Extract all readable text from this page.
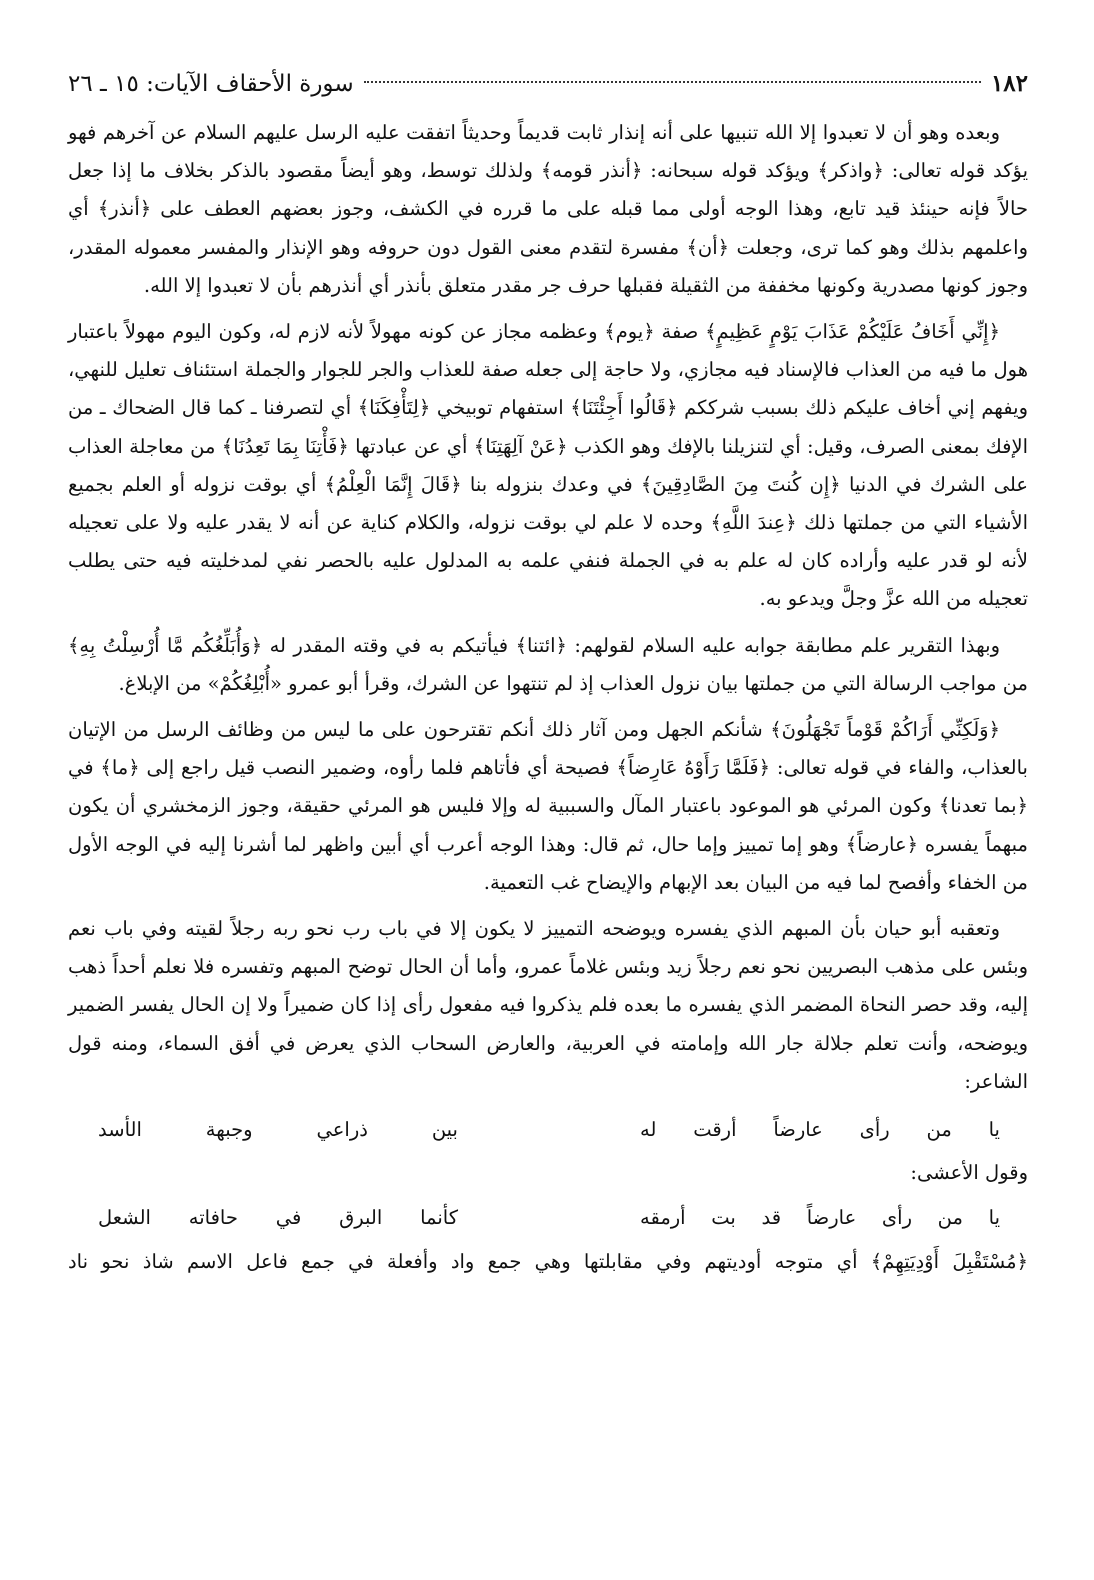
١٨٢
سورة الأحقاف الآيات: ١٥ ـ ٢٦

وبعده وهو أن لا تعبدوا إلا الله تنبيها على أنه إنذار ثابت قديماً وحديثاً اتفقت عليه الرسل عليهم السلام عن آخرهم فهو يؤكد قوله تعالى: ﴿واذكر﴾ ويؤكد قوله سبحانه: ﴿أنذر قومه﴾ ولذلك توسط، وهو أيضاً مقصود بالذكر بخلاف ما إذا جعل حالاً فإنه حينئذ قيد تابع، وهذا الوجه أولى مما قبله على ما قرره في الكشف، وجوز بعضهم العطف على ﴿أنذر﴾ أي واعلمهم بذلك وهو كما ترى، وجعلت ﴿أن﴾ مفسرة لتقدم معنى القول دون حروفه وهو الإنذار والمفسر معموله المقدر، وجوز كونها مصدرية وكونها مخففة من الثقيلة فقبلها حرف جر مقدر متعلق بأنذر أي أنذرهم بأن لا تعبدوا إلا الله.

﴿إِنِّي أَخَافُ عَلَيْكُمْ عَذَابَ يَوْمٍ عَظِيمٍ﴾ صفة ﴿يوم﴾ وعظمه مجاز عن كونه مهولاً لأنه لازم له، وكون اليوم مهولاً باعتبار هول ما فيه من العذاب فالإسناد فيه مجازي، ولا حاجة إلى جعله صفة للعذاب والجر للجوار والجملة استئناف تعليل للنهي، ويفهم إني أخاف عليكم ذلك بسبب شرككم ﴿قَالُوا أَجِئْتَنَا﴾ استفهام توبيخي ﴿لِتَأْفِكَنَا﴾ أي لتصرفنا ـ كما قال الضحاك ـ من الإفك بمعنى الصرف، وقيل: أي لتنزيلنا بالإفك وهو الكذب ﴿عَنْ آلِهَتِنَا﴾ أي عن عبادتها ﴿فَأْتِنَا بِمَا تَعِدُنَا﴾ من معاجلة العذاب على الشرك في الدنيا ﴿إِن كُنتَ مِنَ الصَّادِقِينَ﴾ في وعدك بنزوله بنا ﴿قَالَ إِنَّمَا الْعِلْمُ﴾ أي بوقت نزوله أو العلم بجميع الأشياء التي من جملتها ذلك ﴿عِندَ اللَّهِ﴾ وحده لا علم لي بوقت نزوله، والكلام كناية عن أنه لا يقدر عليه ولا على تعجيله لأنه لو قدر عليه وأراده كان له علم به في الجملة فنفي علمه به المدلول عليه بالحصر نفي لمدخليته فيه حتى يطلب تعجيله من الله عزَّ وجلَّ ويدعو به.

وبهذا التقرير علم مطابقة جوابه عليه السلام لقولهم: ﴿ائتنا﴾ فيأتيكم به في وقته المقدر له ﴿وَأُبَلِّغُكُم مَّا أُرْسِلْتُ بِهِ﴾ من مواجب الرسالة التي من جملتها بيان نزول العذاب إذ لم تنتهوا عن الشرك، وقرأ أبو عمرو «أُبْلِغُكُمْ» من الإبلاغ.

﴿وَلَكِنِّي أَرَاكُمْ قَوْماً تَجْهَلُونَ﴾ شأنكم الجهل ومن آثار ذلك أنكم تقترحون على ما ليس من وظائف الرسل من الإتيان بالعذاب، والفاء في قوله تعالى: ﴿فَلَمَّا رَأَوْهُ عَارِضاً﴾ فصيحة أي فأتاهم فلما رأوه، وضمير النصب قيل راجع إلى ﴿ما﴾ في ﴿بما تعدنا﴾ وكون المرئي هو الموعود باعتبار المآل والسببية له وإلا فليس هو المرئي حقيقة، وجوز الزمخشري أن يكون مبهماً يفسره ﴿عارضاً﴾ وهو إما تمييز وإما حال، ثم قال: وهذا الوجه أعرب أي أبين واظهر لما أشرنا إليه في الوجه الأول من الخفاء وأفصح لما فيه من البيان بعد الإبهام والإيضاح غب التعمية.

وتعقبه أبو حيان بأن المبهم الذي يفسره ويوضحه التمييز لا يكون إلا في باب رب نحو ربه رجلاً لقيته وفي باب نعم وبئس على مذهب البصريين نحو نعم رجلاً زيد وبئس غلاماً عمرو، وأما أن الحال توضح المبهم وتفسره فلا نعلم أحداً ذهب إليه، وقد حصر النحاة المضمر الذي يفسره ما بعده فلم يذكروا فيه مفعول رأى إذا كان ضميراً ولا إن الحال يفسر الضمير ويوضحه، وأنت تعلم جلالة جار الله وإمامته في العربية، والعارض السحاب الذي يعرض في أفق السماء، ومنه قول الشاعر:

يا من رأى عارضاً أرقت له
بين ذراعي وجبهة الأسد

وقول الأعشى:

يا من رأى عارضاً قد بت أرمقه
كأنما البرق في حافاته الشعل

﴿مُسْتَقْبِلَ أَوْدِيَتِهِمْ﴾ أي متوجه أوديتهم وفي مقابلتها وهي جمع واد وأفعلة في جمع فاعل الاسم شاذ نحو ناد
